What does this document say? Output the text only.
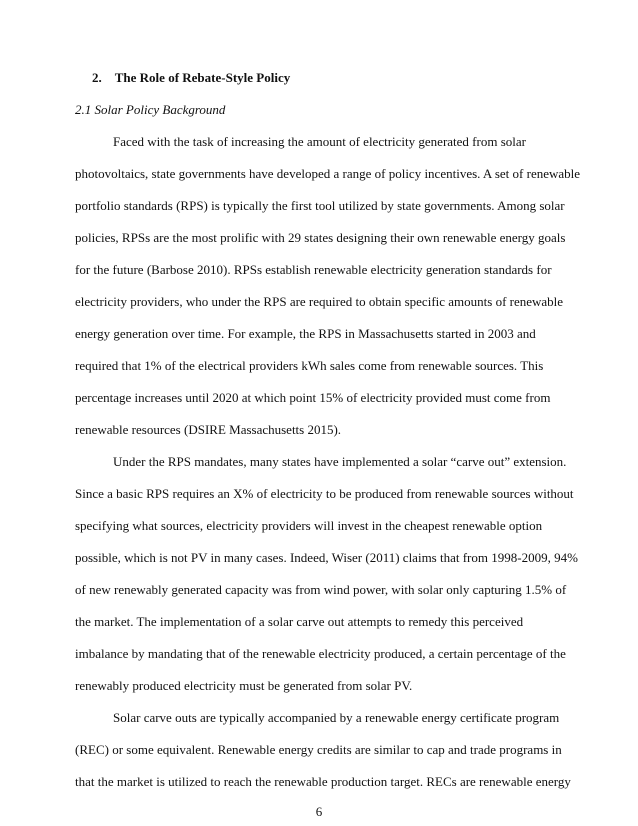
2. The Role of Rebate-Style Policy
2.1 Solar Policy Background
Faced with the task of increasing the amount of electricity generated from solar
photovoltaics, state governments have developed a range of policy incentives. A set of renewable
portfolio standards (RPS) is typically the first tool utilized by state governments. Among solar
policies, RPSs are the most prolific with 29 states designing their own renewable energy goals
for the future (Barbose 2010). RPSs establish renewable electricity generation standards for
electricity providers, who under the RPS are required to obtain specific amounts of renewable
energy generation over time. For example, the RPS in Massachusetts started in 2003 and
required that 1% of the electrical providers kWh sales come from renewable sources. This
percentage increases until 2020 at which point 15% of electricity provided must come from
renewable resources (DSIRE Massachusetts 2015).
Under the RPS mandates, many states have implemented a solar “carve out” extension.
Since a basic RPS requires an X% of electricity to be produced from renewable sources without
specifying what sources, electricity providers will invest in the cheapest renewable option
possible, which is not PV in many cases. Indeed, Wiser (2011) claims that from 1998-2009, 94%
of new renewably generated capacity was from wind power, with solar only capturing 1.5% of
the market. The implementation of a solar carve out attempts to remedy this perceived
imbalance by mandating that of the renewable electricity produced, a certain percentage of the
renewably produced electricity must be generated from solar PV.
Solar carve outs are typically accompanied by a renewable energy certificate program
(REC) or some equivalent. Renewable energy credits are similar to cap and trade programs in
that the market is utilized to reach the renewable production target. RECs are renewable energy
6
